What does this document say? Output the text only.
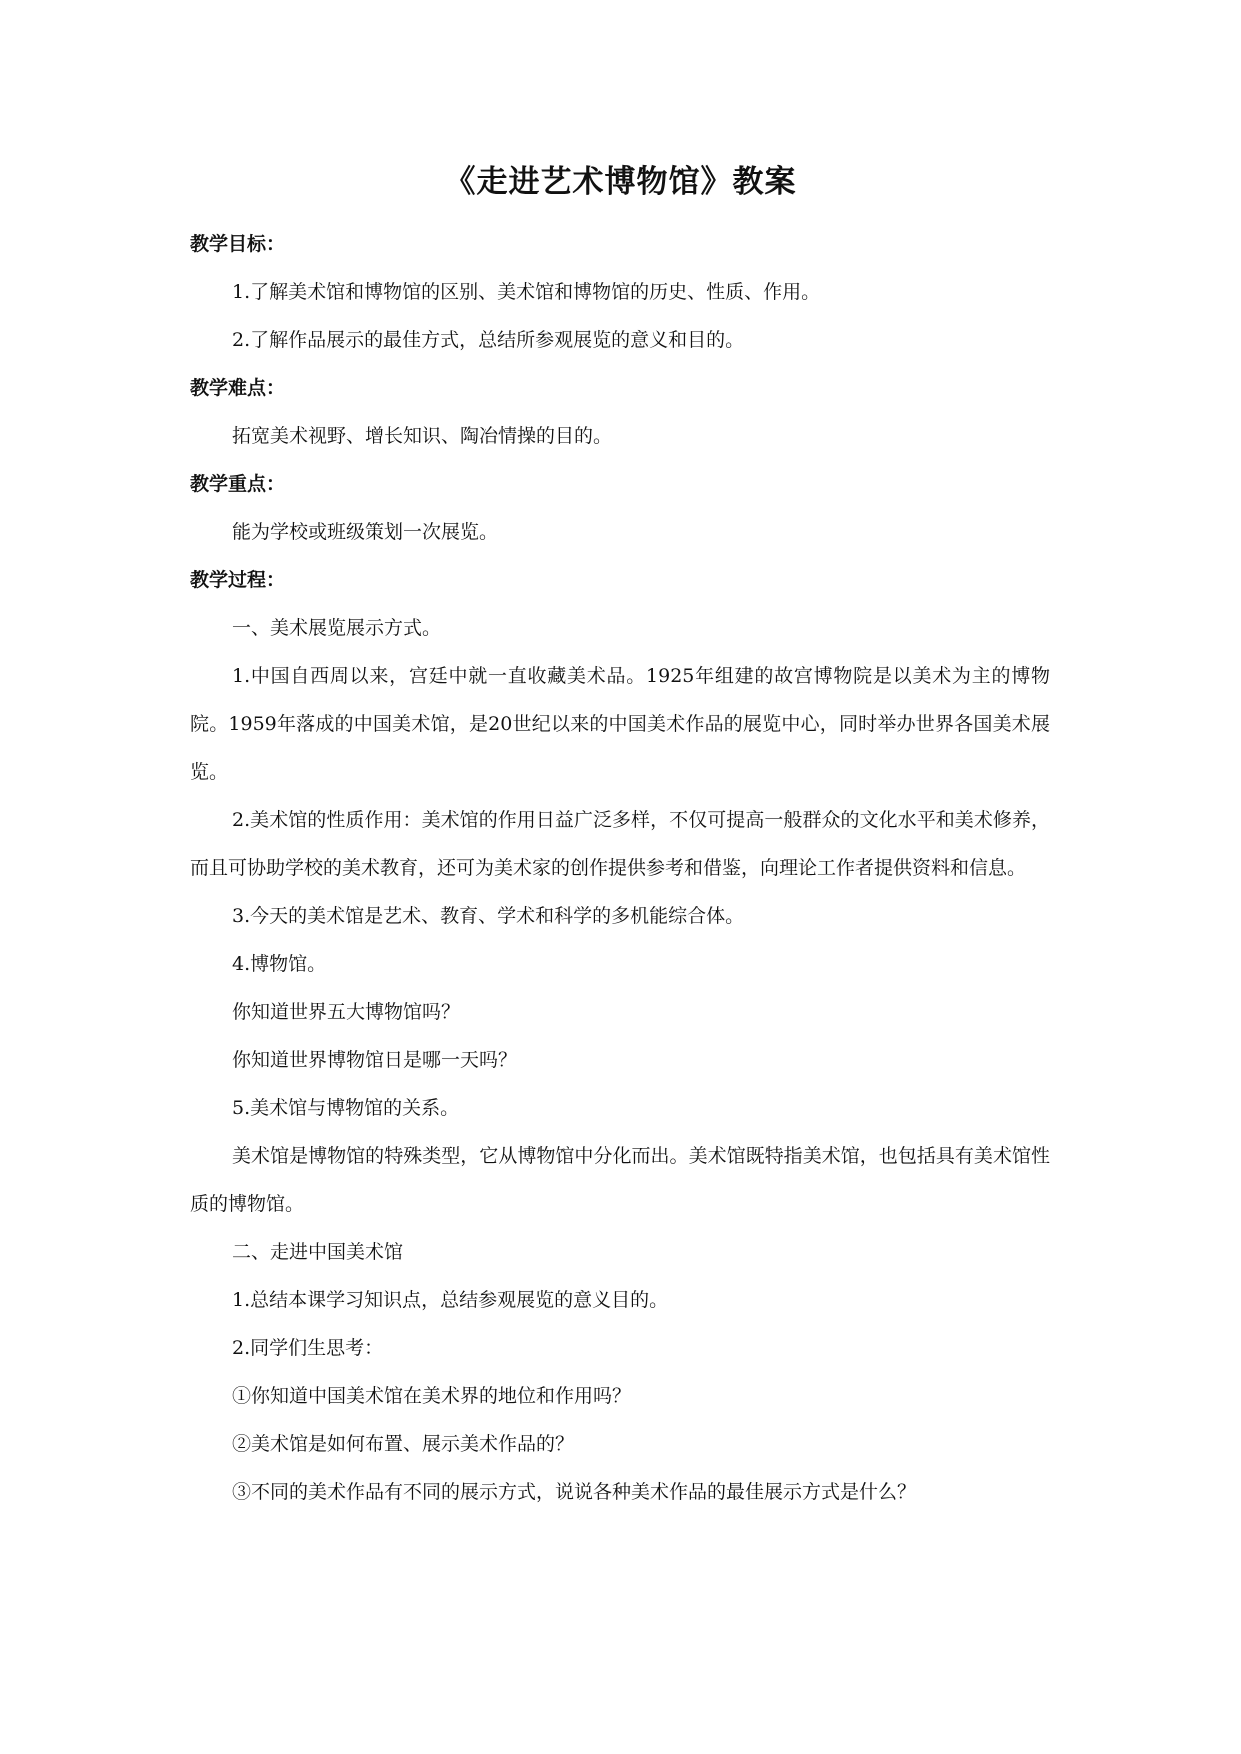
《走进艺术博物馆》教案

教学目标：

1.了解美术馆和博物馆的区别、美术馆和博物馆的历史、性质、作用。

2.了解作品展示的最佳方式，总结所参观展览的意义和目的。

教学难点：

拓宽美术视野、增长知识、陶冶情操的目的。

教学重点：

能为学校或班级策划一次展览。

教学过程：

一、美术展览展示方式。

1.中国自西周以来，宫廷中就一直收藏美术品。1925年组建的故宫博物院是以美术为主的博物院。1959年落成的中国美术馆，是20世纪以来的中国美术作品的展览中心，同时举办世界各国美术展览。

2.美术馆的性质作用：美术馆的作用日益广泛多样，不仅可提高一般群众的文化水平和美术修养，而且可协助学校的美术教育，还可为美术家的创作提供参考和借鉴，向理论工作者提供资料和信息。

3.今天的美术馆是艺术、教育、学术和科学的多机能综合体。

4.博物馆。

你知道世界五大博物馆吗？

你知道世界博物馆日是哪一天吗？

5.美术馆与博物馆的关系。

美术馆是博物馆的特殊类型，它从博物馆中分化而出。美术馆既特指美术馆，也包括具有美术馆性质的博物馆。

二、走进中国美术馆

1.总结本课学习知识点，总结参观展览的意义目的。

2.同学们生思考：

①你知道中国美术馆在美术界的地位和作用吗？

②美术馆是如何布置、展示美术作品的？

③不同的美术作品有不同的展示方式，说说各种美术作品的最佳展示方式是什么？
